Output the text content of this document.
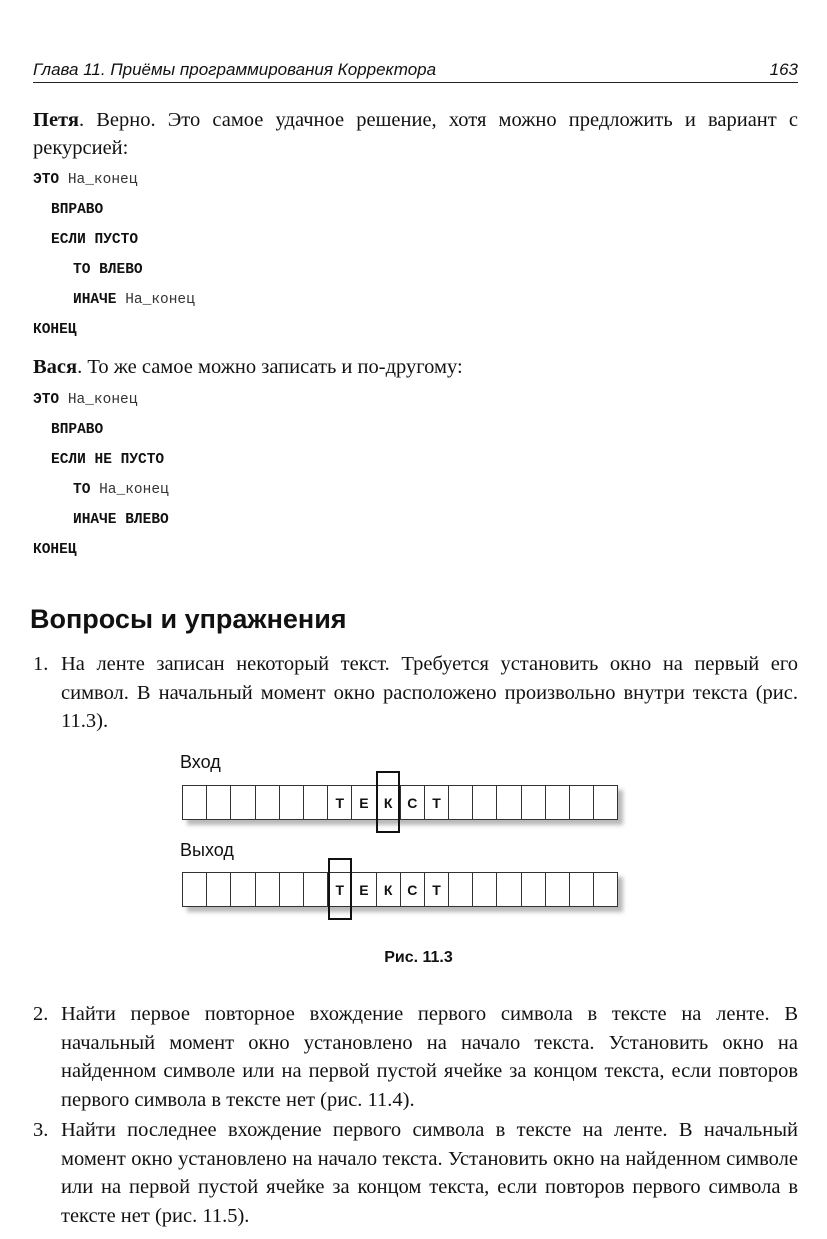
Глава 11. Приёмы программирования Корректора	163
Петя. Верно. Это самое удачное решение, хотя можно предложить и вариант с рекурсией:
ЭТО На_конец
ВПРАВО
ЕСЛИ ПУСТО
ТО ВЛЕВО
ИНАЧЕ На_конец
КОНЕЦ
Вася. То же самое можно записать и по-другому:
ЭТО На_конец
ВПРАВО
ЕСЛИ НЕ ПУСТО
ТО На_конец
ИНАЧЕ ВЛЕВО
КОНЕЦ
Вопросы и упражнения
1. На ленте записан некоторый текст. Требуется установить окно на первый его символ. В начальный момент окно расположено произвольно внутри текста (рис. 11.3).
Вход
Т	Е	К	С	Т
Выход
Т	Е	К	С	Т
Рис. 11.3
2. Найти первое повторное вхождение первого символа в тексте на ленте. В начальный момент окно установлено на начало текста. Установить окно на найденном символе или на первой пустой ячейке за концом текста, если повторов первого символа в тексте нет (рис. 11.4).
3. Найти последнее вхождение первого символа в тексте на ленте. В начальный момент окно установлено на начало текста. Установить окно на найденном символе или на первой пустой ячейке за концом текста, если повторов первого символа в тексте нет (рис. 11.5).
